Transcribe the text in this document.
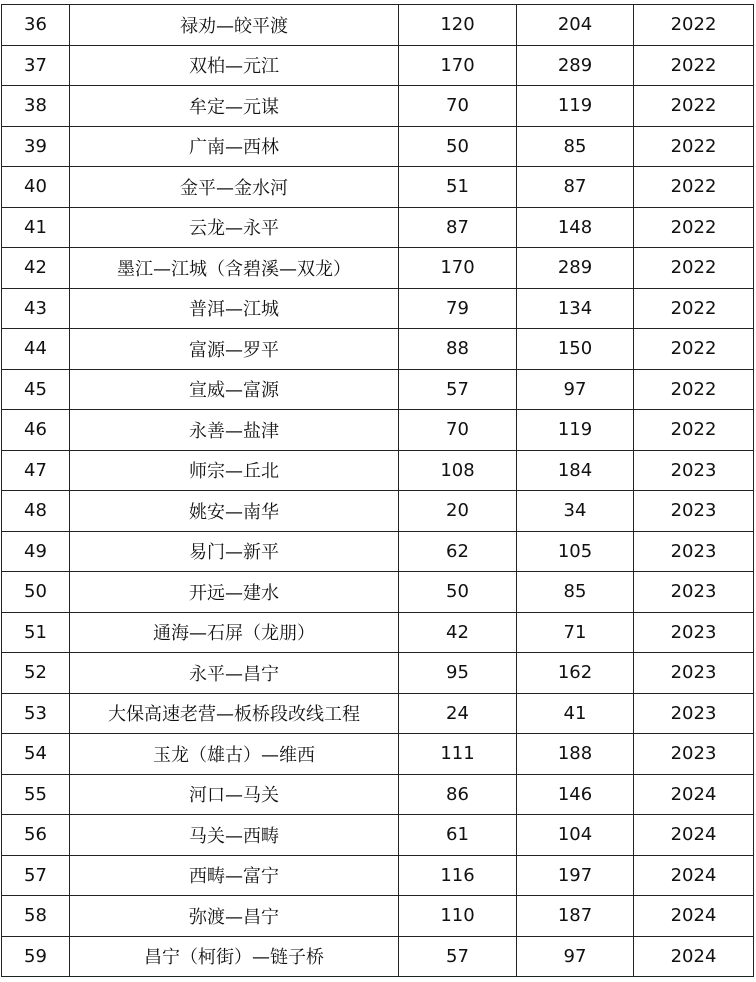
36	禄劝—皎平渡	120	204	2022
37	双柏—元江	170	289	2022
38	牟定—元谋	70	119	2022
39	广南—西林	50	85	2022
40	金平—金水河	51	87	2022
41	云龙—永平	87	148	2022
42	墨江—江城（含碧溪—双龙）	170	289	2022
43	普洱—江城	79	134	2022
44	富源—罗平	88	150	2022
45	宣威—富源	57	97	2022
46	永善—盐津	70	119	2022
47	师宗—丘北	108	184	2023
48	姚安—南华	20	34	2023
49	易门—新平	62	105	2023
50	开远—建水	50	85	2023
51	通海—石屏（龙朋）	42	71	2023
52	永平—昌宁	95	162	2023
53	大保高速老营—板桥段改线工程	24	41	2023
54	玉龙（雄古）—维西	111	188	2023
55	河口—马关	86	146	2024
56	马关—西畴	61	104	2024
57	西畴—富宁	116	197	2024
58	弥渡—昌宁	110	187	2024
59	昌宁（柯街）—链子桥	57	97	2024
